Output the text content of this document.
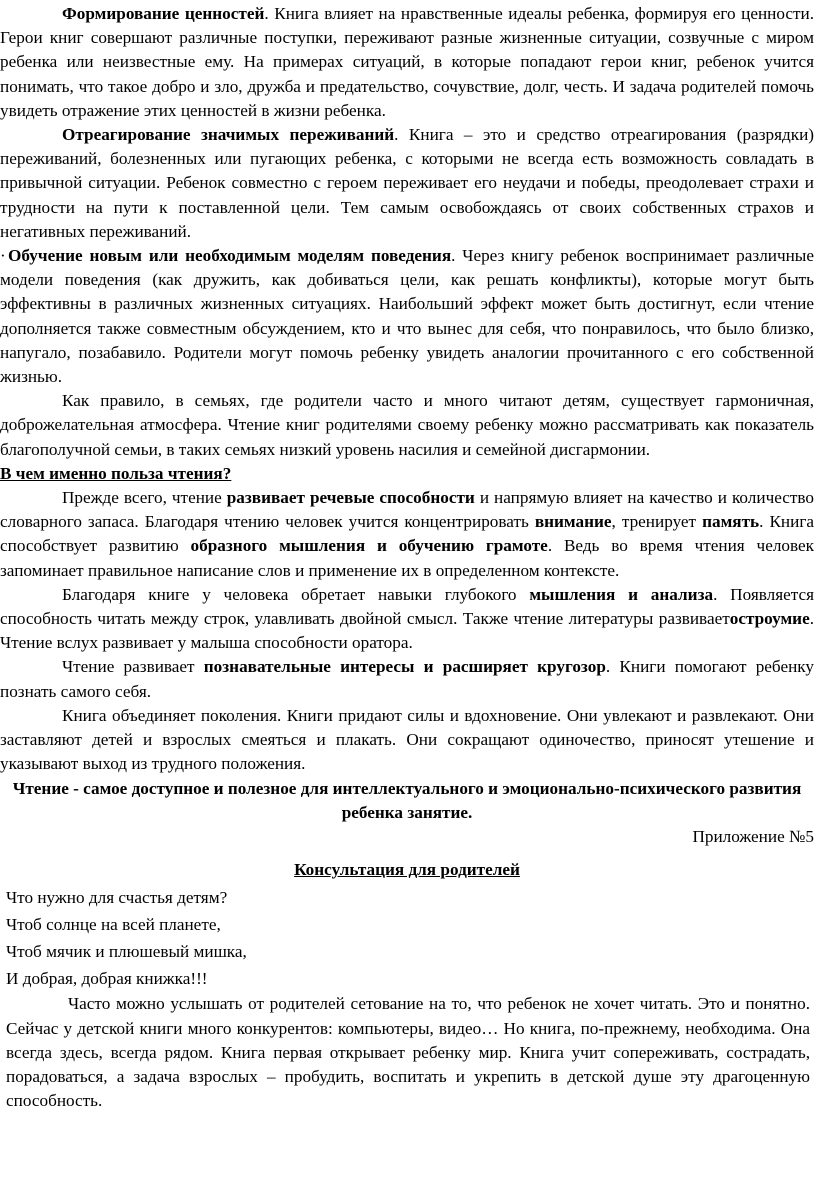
Формирование ценностей. Книга влияет на нравственные идеалы ребенка, формируя его ценности. Герои книг совершают различные поступки, переживают разные жизненные ситуации, созвучные с миром ребенка или неизвестные ему. На примерах ситуаций, в которые попадают герои книг, ребенок учится понимать, что такое добро и зло, дружба и предательство, сочувствие, долг, честь. И задача родителей помочь увидеть отражение этих ценностей в жизни ребенка.

Отреагирование значимых переживаний. Книга – это и средство отреагирования (разрядки) переживаний, болезненных или пугающих ребенка, с которыми не всегда есть возможность совладать в привычной ситуации. Ребенок совместно с героем переживает его неудачи и победы, преодолевает страхи и трудности на пути к поставленной цели. Тем самым освобождаясь от своих собственных страхов и негативных переживаний.

· Обучение новым или необходимым моделям поведения. Через книгу ребенок воспринимает различные модели поведения (как дружить, как добиваться цели, как решать конфликты), которые могут быть эффективны в различных жизненных ситуациях. Наибольший эффект может быть достигнут, если чтение дополняется также совместным обсуждением, кто и что вынес для себя, что понравилось, что было близко, напугало, позабавило. Родители могут помочь ребенку увидеть аналогии прочитанного с его собственной жизнью.

Как правило, в семьях, где родители часто и много читают детям, существует гармоничная, доброжелательная атмосфера. Чтение книг родителями своему ребенку можно рассматривать как показатель благополучной семьи, в таких семьях низкий уровень насилия и семейной дисгармонии.

В чем именно польза чтения?

Прежде всего, чтение развивает речевые способности и напрямую влияет на качество и количество словарного запаса. Благодаря чтению человек учится концентрировать внимание, тренирует память. Книга способствует развитию образного мышления и обучению грамоте. Ведь во время чтения человек запоминает правильное написание слов и применение их в определенном контексте.

Благодаря книге у человека обретает навыки глубокого мышления и анализа. Появляется способность читать между строк, улавливать двойной смысл. Также чтение литературы развиваетостроумие. Чтение вслух развивает у малыша способности оратора.

Чтение развивает познавательные интересы и расширяет кругозор. Книги помогают ребенку познать самого себя.

Книга объединяет поколения. Книги придают силы и вдохновение. Они увлекают и развлекают. Они заставляют детей и взрослых смеяться и плакать. Они сокращают одиночество, приносят утешение и указывают выход из трудного положения.

Чтение - самое доступное и полезное для интеллектуального и эмоционально-психического развития ребенка занятие.

Приложение №5

Консультация для родителей
Что нужно для счастья детям?
Чтоб солнце на всей планете,
Чтоб мячик и плюшевый мишка,
И добрая, добрая книжка!!!

Часто можно услышать от родителей сетование на то, что ребенок не хочет читать. Это и понятно. Сейчас у детской книги много конкурентов: компьютеры, видео… Но книга, по-прежнему, необходима. Она всегда здесь, всегда рядом. Книга первая открывает ребенку мир. Книга учит сопереживать, сострадать, порадоваться, а задача взрослых – пробудить, воспитать и укрепить в детской душе эту драгоценную способность.
